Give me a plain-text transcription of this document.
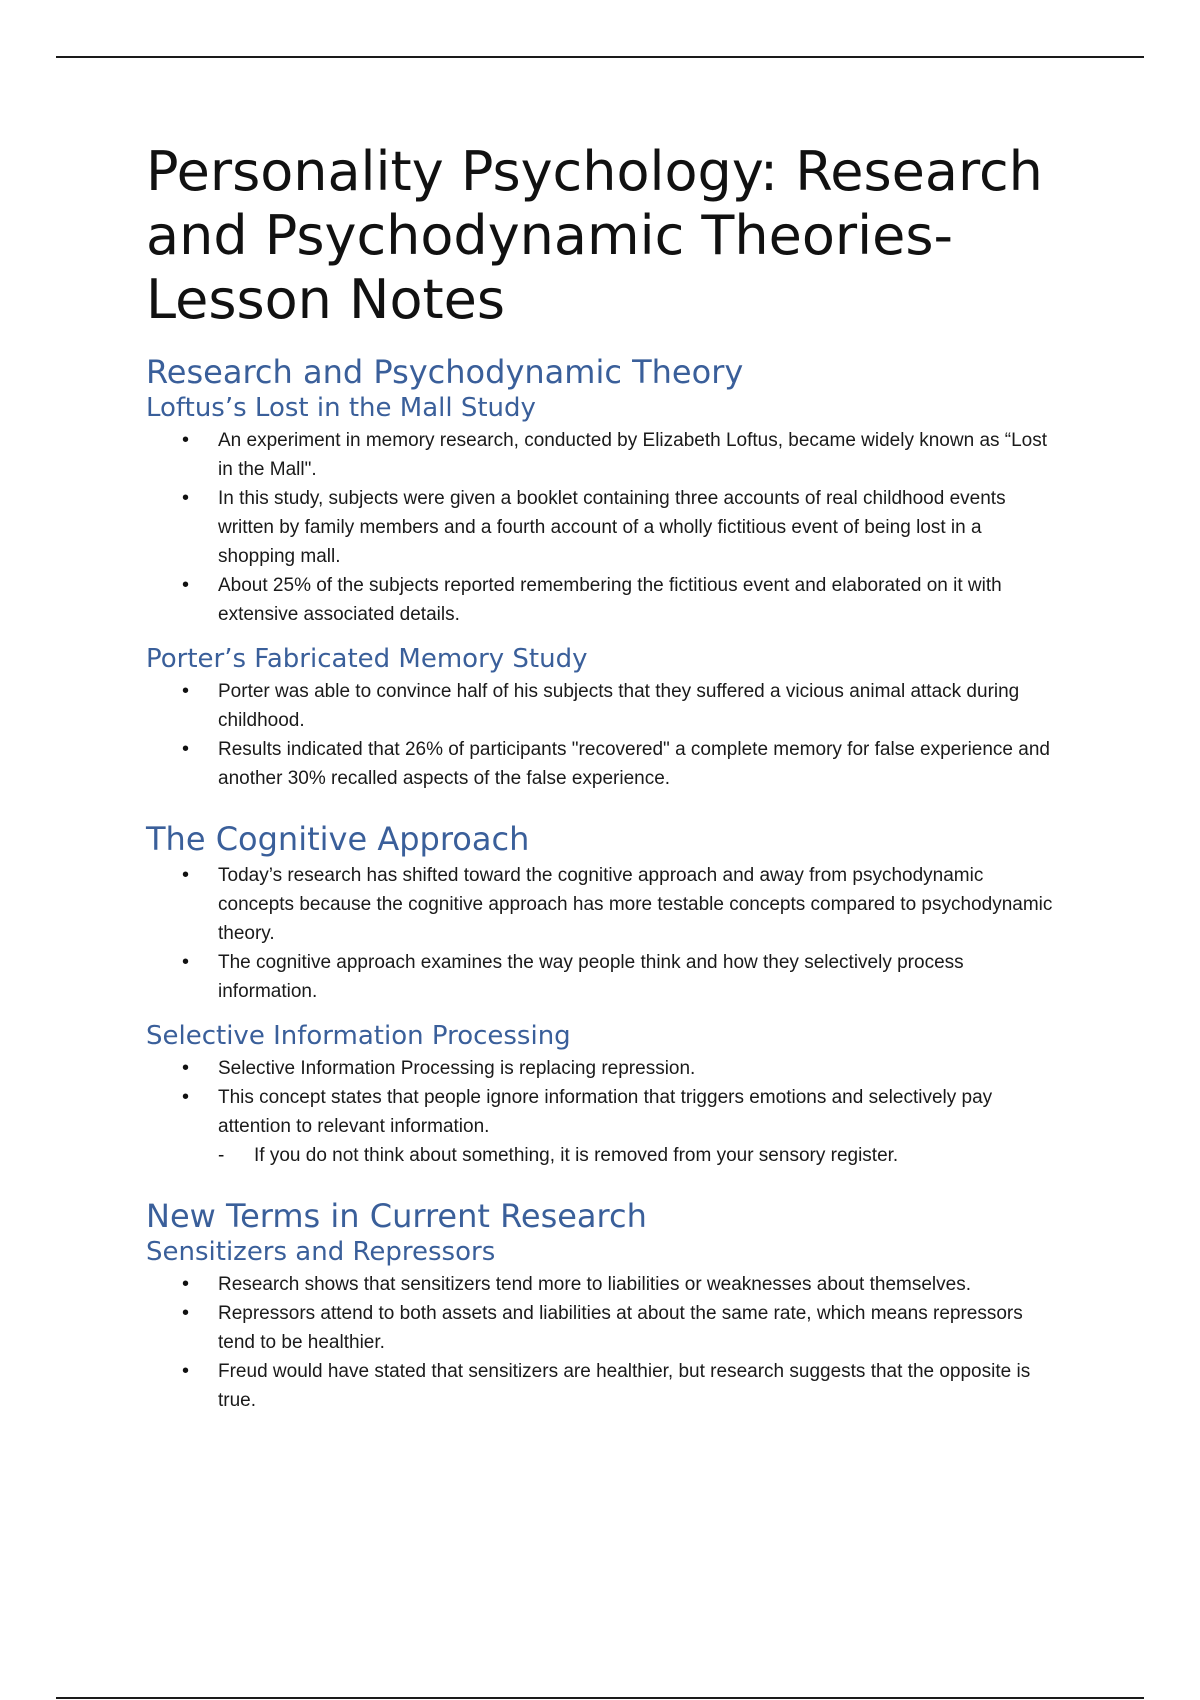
Personality Psychology: Research and Psychodynamic Theories- Lesson Notes
Research and Psychodynamic Theory
Loftus’s Lost in the Mall Study
• An experiment in memory research, conducted by Elizabeth Loftus, became widely known as “Lost in the Mall".
• In this study, subjects were given a booklet containing three accounts of real childhood events written by family members and a fourth account of a wholly fictitious event of being lost in a shopping mall.
• About 25% of the subjects reported remembering the fictitious event and elaborated on it with extensive associated details.
Porter’s Fabricated Memory Study
• Porter was able to convince half of his subjects that they suffered a vicious animal attack during childhood.
• Results indicated that 26% of participants "recovered" a complete memory for false experience and another 30% recalled aspects of the false experience.
The Cognitive Approach
• Today’s research has shifted toward the cognitive approach and away from psychodynamic concepts because the cognitive approach has more testable concepts compared to psychodynamic theory.
• The cognitive approach examines the way people think and how they selectively process information.
Selective Information Processing
• Selective Information Processing is replacing repression.
• This concept states that people ignore information that triggers emotions and selectively pay attention to relevant information.
- If you do not think about something, it is removed from your sensory register.
New Terms in Current Research
Sensitizers and Repressors
• Research shows that sensitizers tend more to liabilities or weaknesses about themselves.
• Repressors attend to both assets and liabilities at about the same rate, which means repressors tend to be healthier.
• Freud would have stated that sensitizers are healthier, but research suggests that the opposite is true.
